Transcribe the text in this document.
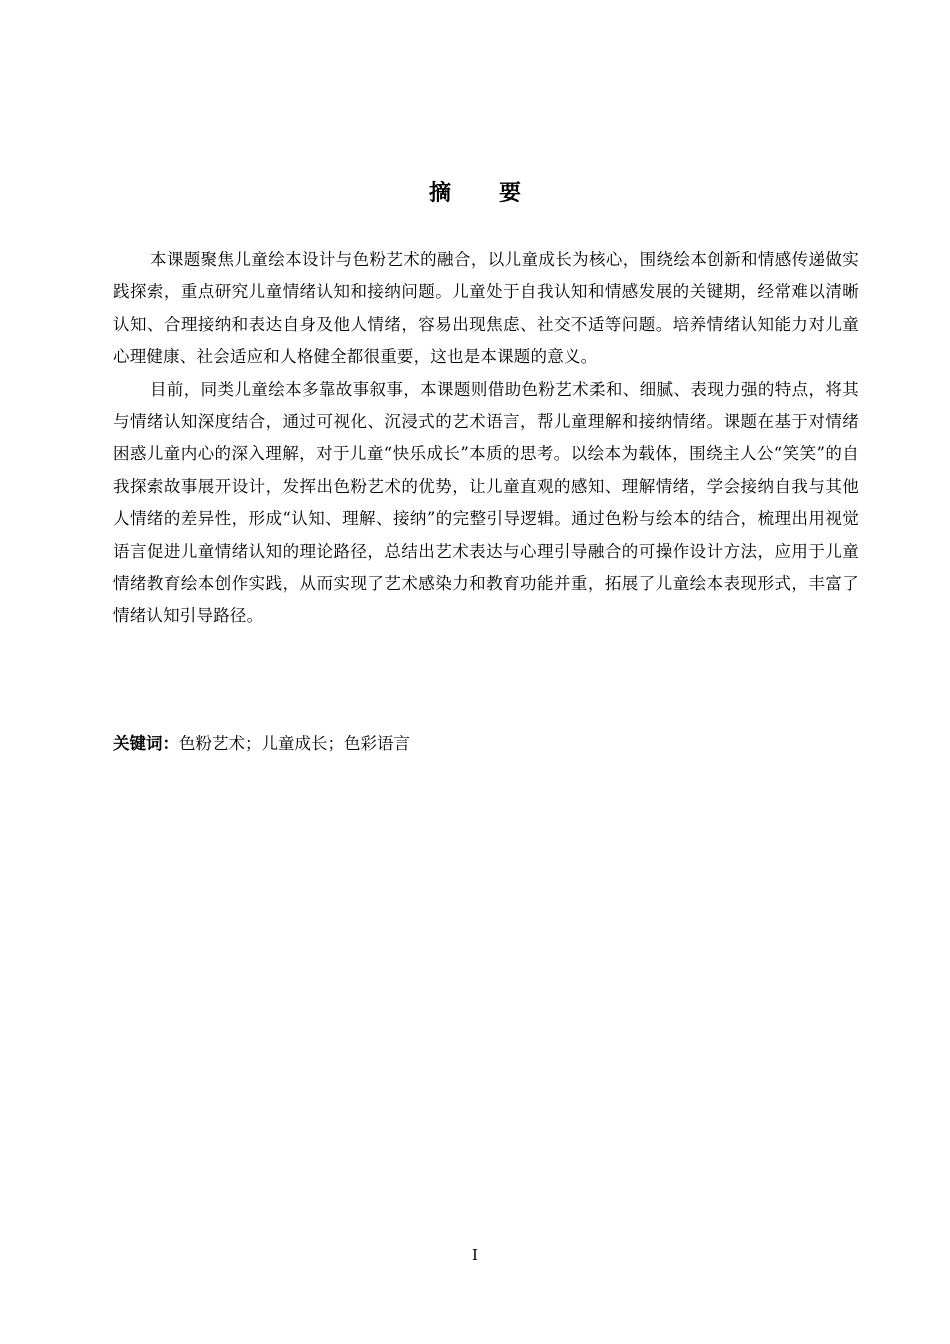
摘要

本课题聚焦儿童绘本设计与色粉艺术的融合，以儿童成长为核心，围绕绘本创新和情感传递做实践探索，重点研究儿童情绪认知和接纳问题。儿童处于自我认知和情感发展的关键期，经常难以清晰认知、合理接纳和表达自身及他人情绪，容易出现焦虑、社交不适等问题。培养情绪认知能力对儿童心理健康、社会适应和人格健全都很重要，这也是本课题的意义。

目前，同类儿童绘本多靠故事叙事，本课题则借助色粉艺术柔和、细腻、表现力强的特点，将其与情绪认知深度结合，通过可视化、沉浸式的艺术语言，帮儿童理解和接纳情绪。课题在基于对情绪困惑儿童内心的深入理解，对于儿童“快乐成长”本质的思考。以绘本为载体，围绕主人公“笑笑”的自我探索故事展开设计，发挥出色粉艺术的优势，让儿童直观的感知、理解情绪，学会接纳自我与其他人情绪的差异性，形成“认知、理解、接纳”的完整引导逻辑。通过色粉与绘本的结合，梳理出用视觉语言促进儿童情绪认知的理论路径，总结出艺术表达与心理引导融合的可操作设计方法，应用于儿童情绪教育绘本创作实践，从而实现了艺术感染力和教育功能并重，拓展了儿童绘本表现形式，丰富了情绪认知引导路径。

关键词：色粉艺术；儿童成长；色彩语言

I
